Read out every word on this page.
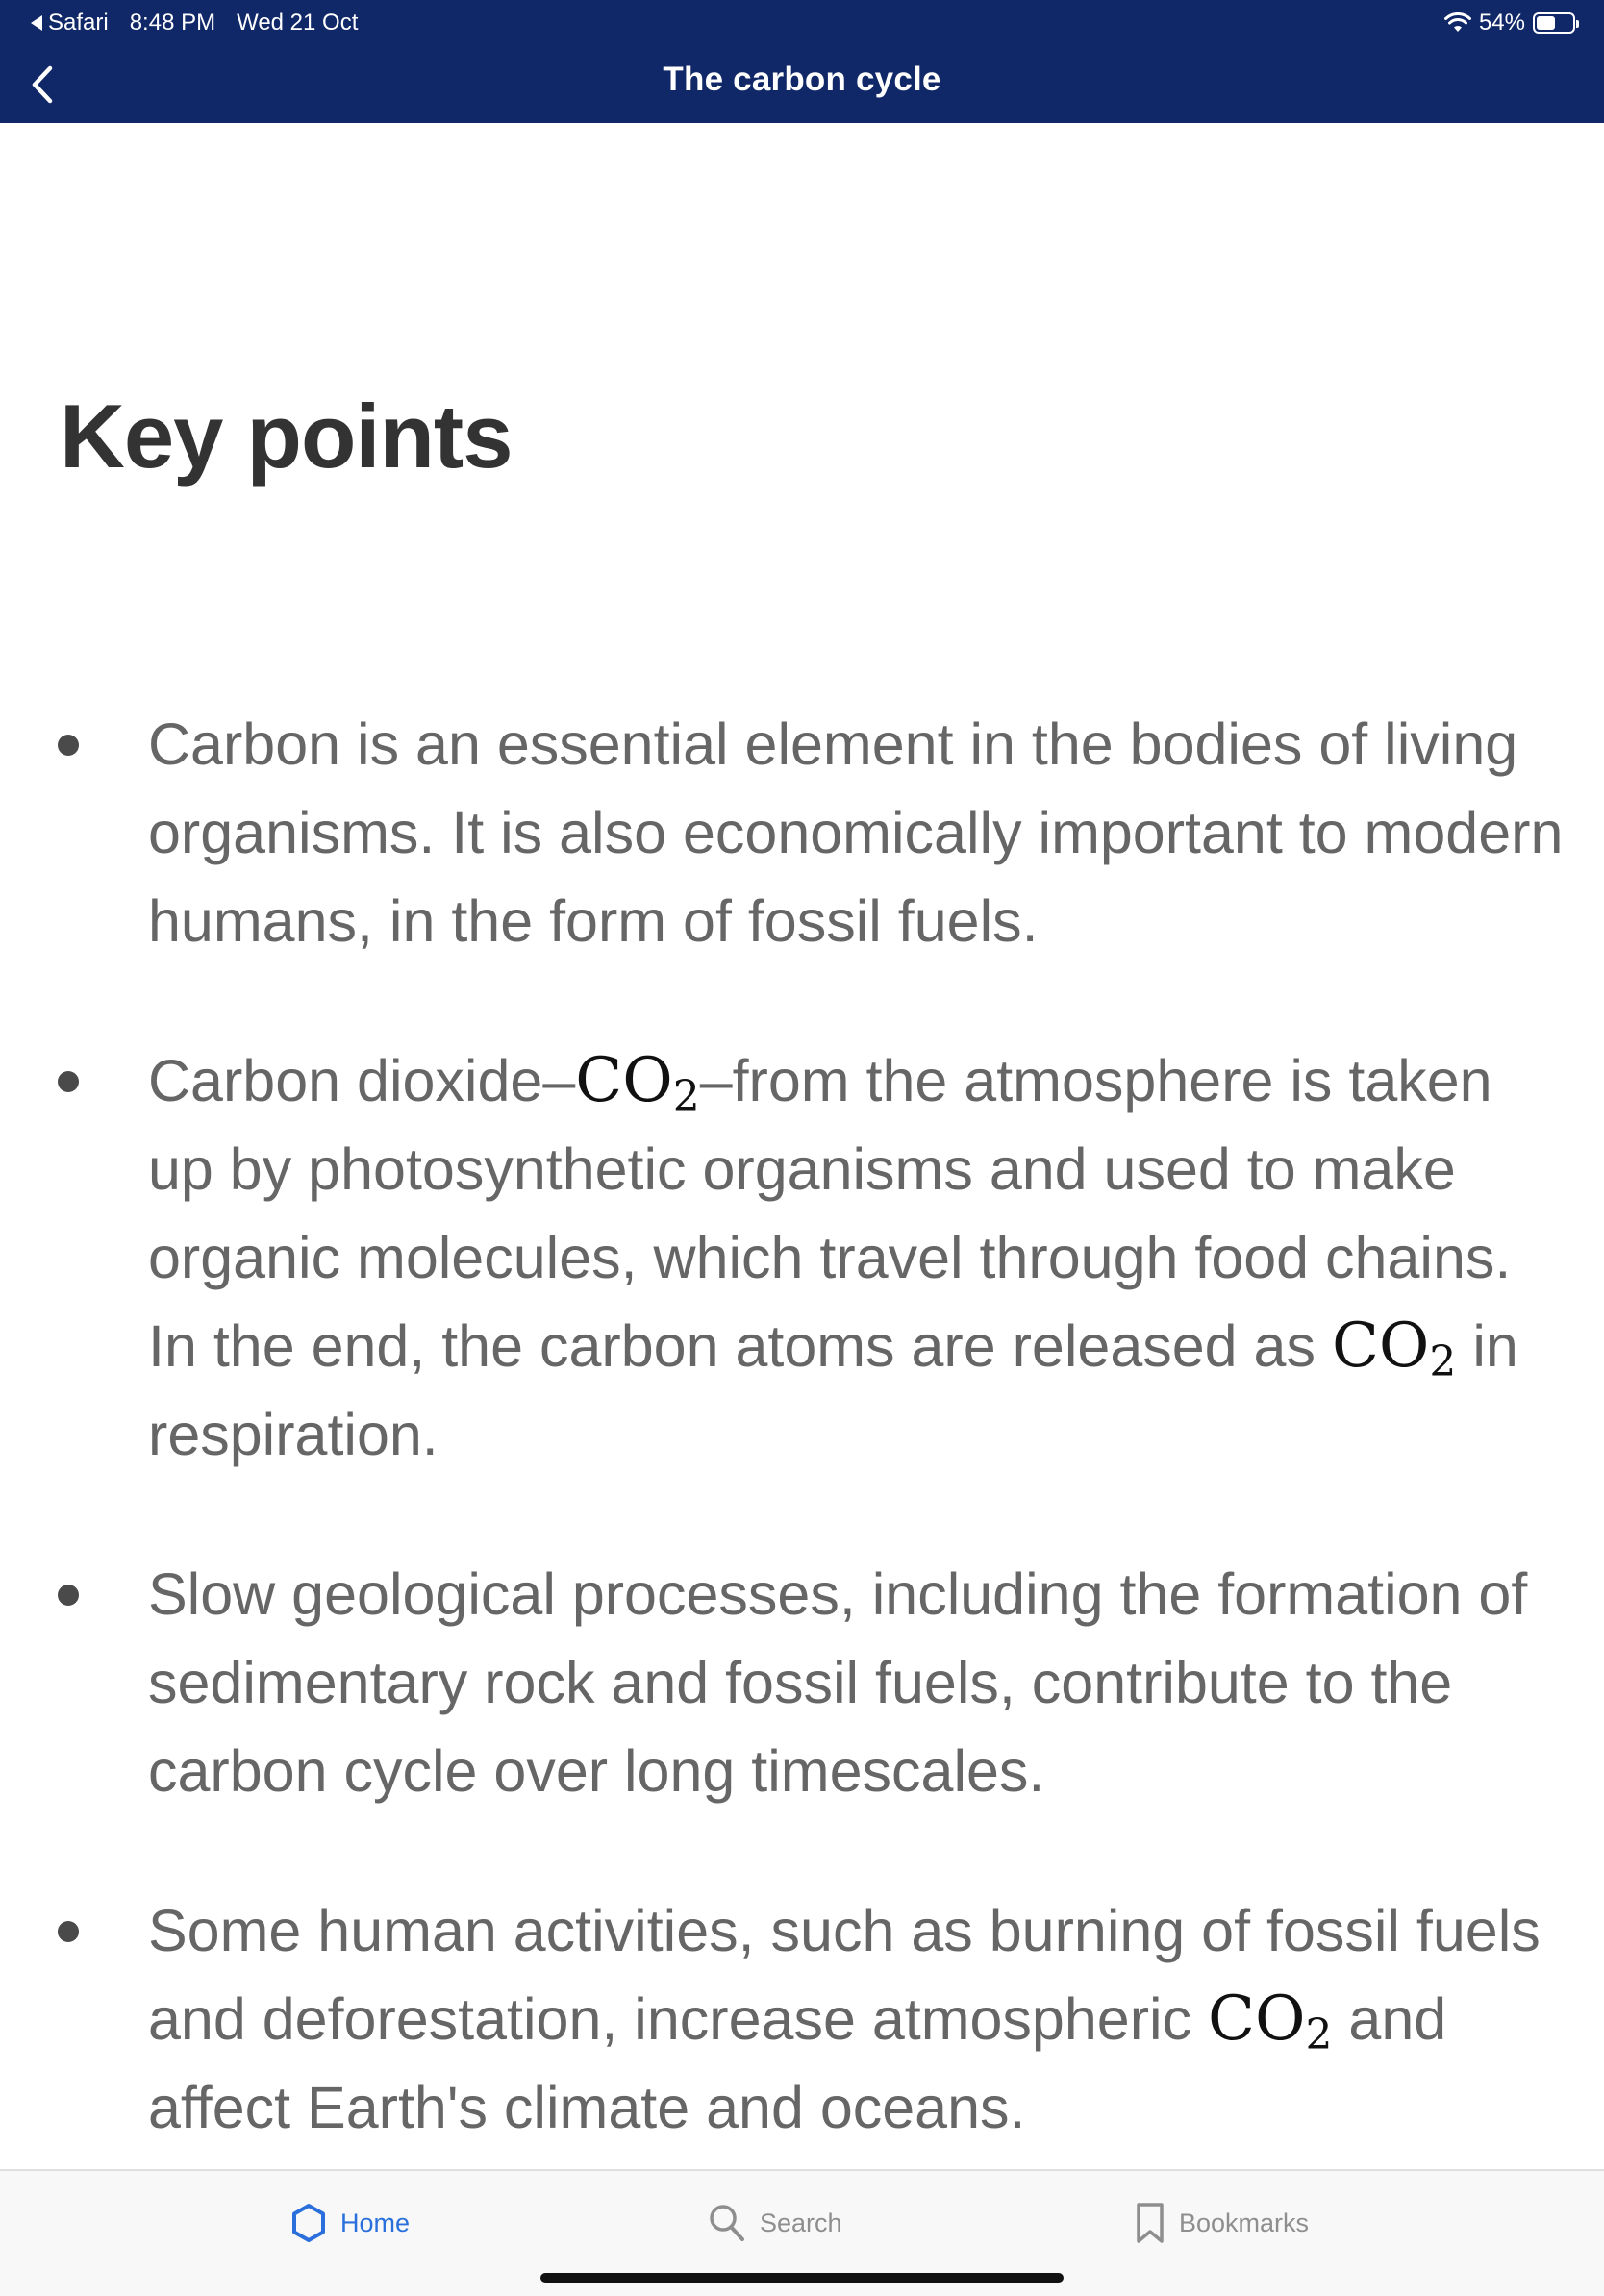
Safari 8:48 PM Wed 21 Oct	54%
The carbon cycle
Key points
Carbon is an essential element in the bodies of living organisms. It is also economically important to modern humans, in the form of fossil fuels.
Carbon dioxide–$CO_2$–from the atmosphere is taken up by photosynthetic organisms and used to make organic molecules, which travel through food chains. In the end, the carbon atoms are released as $CO_2$ in respiration.
Slow geological processes, including the formation of sedimentary rock and fossil fuels, contribute to the carbon cycle over long timescales.
Some human activities, such as burning of fossil fuels and deforestation, increase atmospheric $CO_2$ and affect Earth's climate and oceans.
Home	Search	Bookmarks
